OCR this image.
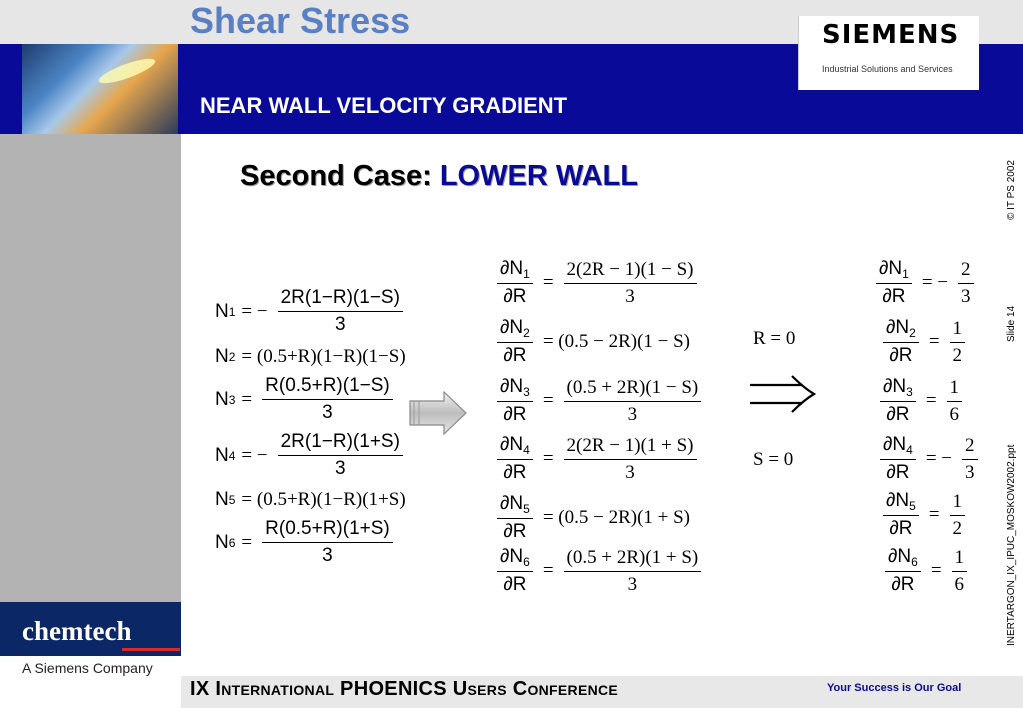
Shear Stress
NEAR WALL VELOCITY GRADIENT
SIEMENS
Industrial Solutions and Services
chemtech
A Siemens Company
© IT PS 2002
Slide 14
INERTARGON_IX_IPUC_MOSKOW2002.ppt
Second Case: LOWER WALL
N 1 = − $\frac{2R(1-R)(1-S)}{3}$
N 2 = (0.5+R)(1−R)(1−S)
N $3 = \frac{R(0.5+R)(1-S)}{3}$
N 4 = − $\frac{2R(1-R)(1+S)}{3}$
N 5 = (0.5+R)(1−R)(1+S)
N $6 = \frac{R(0.5+R)(1+S)}{3}$
$\frac{\partial N_1}{\partial R} = \frac{2(2R - 1)(1 - S)}{3}$
$\frac{\partial N_2}{\partial R} = (0.5 - 2R)(1 - S)$
$\frac{\partial N_3}{\partial R} = \frac{(0.5 + 2R)(1 - S)}{3}$
$\frac{\partial N_4}{\partial R} = \frac{2(2R - 1)(1 + S)}{3}$
$\frac{\partial N_5}{\partial R} = (0.5 - 2R)(1 + S)$
$\frac{\partial N_6}{\partial R} = \frac{(0.5 + 2R)(1 + S)}{3}$
R = 0
S = 0
$\frac{\partial N_1}{\partial R}$ = − $\frac{2}{3}$
$\frac{\partial N_2}{\partial R} = \frac{1}{2}$
$\frac{\partial N_3}{\partial R} = \frac{1}{6}$
$\frac{\partial N_4}{\partial R}$ = − $\frac{2}{3}$
$\frac{\partial N_5}{\partial R} = \frac{1}{2}$
$\frac{\partial N_6}{\partial R} = \frac{1}{6}$
IX International PHOENICS Users Conference	Your Success is Our Goal
